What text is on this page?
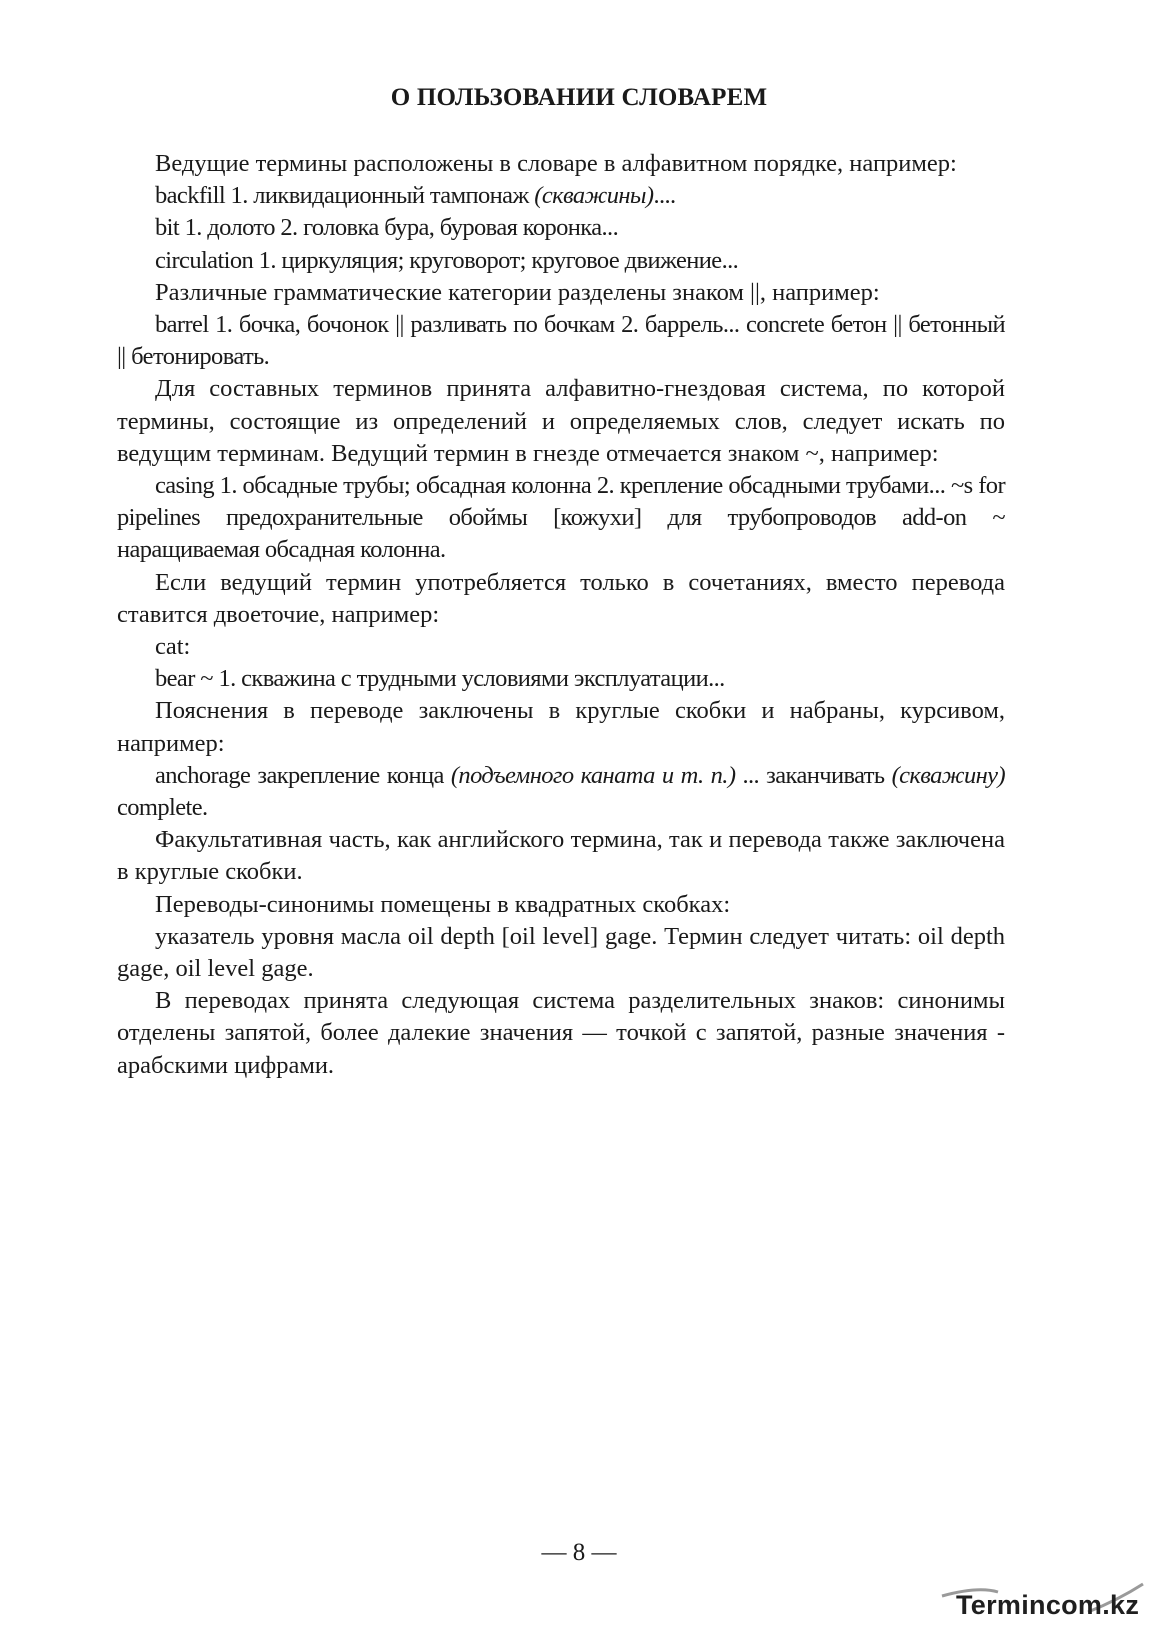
О ПОЛЬЗОВАНИИ СЛОВАРЕМ

Ведущие термины расположены в словаре в алфавитном порядке, например:

backfill 1. ликвидационный тампонаж (скважины)....

bit 1. долото 2. головка бура, буровая коронка...

circulation 1. циркуляция; круговорот; круговое движение...

Различные грамматические категории разделены знаком ||, например:

barrel 1. бочка, бочонок || разливать по бочкам 2. баррель... concrete бетон || бетонный || бетонировать.

Для составных терминов принята алфавитно-гнездовая система, по которой термины, состоящие из определений и определяемых слов, следует искать по ведущим терминам. Ведущий термин в гнезде отмечается знаком ~, например:

casing 1. обсадные трубы; обсадная колонна 2. крепление обсадными трубами... ~s for pipelines предохранительные обоймы [кожухи] для трубопроводов add-on ~ наращиваемая обсадная колонна.

Если ведущий термин употребляется только в сочетаниях, вместо перевода ставится двоеточие, например:

cat:

bear ~ 1. скважина с трудными условиями эксплуатации...

Пояснения в переводе заключены в круглые скобки и набраны, курсивом, например:

anchorage закрепление конца (подъемного каната и т. п.) ... заканчивать (скважину) complete.

Факультативная часть, как английского термина, так и перевода также заключена в круглые скобки.

Переводы-синонимы помещены в квадратных скобках:

указатель уровня масла oil depth [oil level] gage. Термин следует читать: oil depth gage, oil level gage.

В переводах принята следующая система разделительных знаков: синонимы отделены запятой, более далекие значения — точкой с запятой, разные значения - арабскими цифрами.

— 8 —
Termincom.kz
